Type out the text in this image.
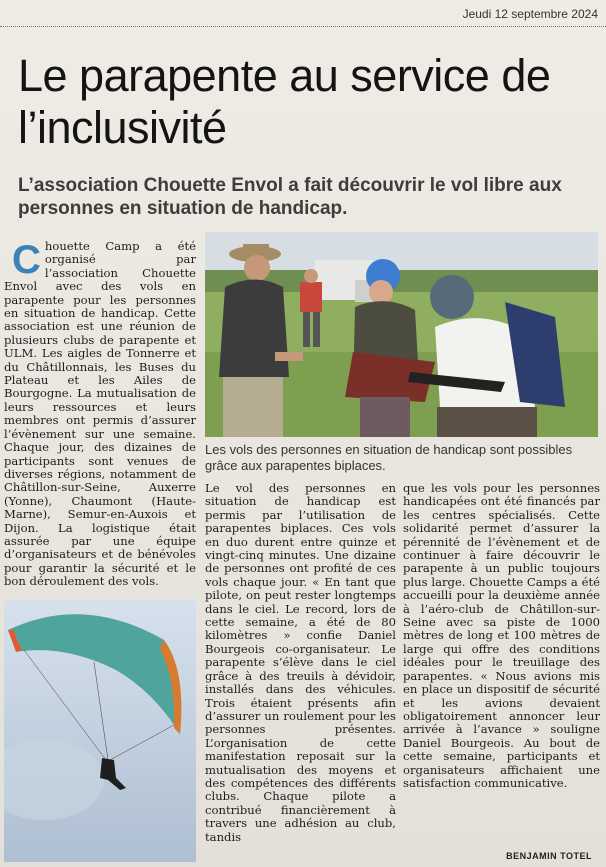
Jeudi 12 septembre 2024
Le parapente au service de l’inclusivité
L’association Chouette Envol a fait découvrir le vol libre aux personnes en situation de handicap.

Les vols des personnes en situation de handicap sont possibles grâce aux parapentes biplaces.

C houette Camp a été organisé par l’association Chouette Envol avec des vols en parapente pour les personnes en situation de handicap. Cette association est une réunion de plusieurs clubs de parapente et ULM. Les aigles de Tonnerre et du Châtillonnais, les Buses du Plateau et les Ailes de Bourgogne. La mutualisation de leurs ressources et leurs membres ont permis d’assurer l’évènement sur une semaine. Chaque jour, des dizaines de participants sont venues de diverses régions, notamment de Châtillon-sur-Seine, Auxerre (Yonne), Chaumont (Haute-Marne), Semur-en-Auxois et Dijon. La logistique était assurée par une équipe d’organisateurs et de bénévoles pour garantir la sécurité et le bon déroulement des vols.
Le vol des personnes en situation de handicap est permis par l’utilisation de parapentes biplaces. Ces vols en duo durent entre quinze et vingt-cinq minutes. Une dizaine de personnes ont profité de ces vols chaque jour. « En tant que pilote, on peut rester longtemps dans le ciel. Le record, lors de cette semaine, a été de 80 kilomètres » confie Daniel Bourgeois co-organisateur. Le parapente s’élève dans le ciel grâce à des treuils à dévidoir, installés dans des véhicules. Trois étaient présents afin d’assurer un roulement pour les personnes présentes. L’organisation de cette manifestation reposait sur la mutualisation des moyens et des compétences des différents clubs. Chaque pilote a contribué financièrement à travers une adhésion au club, tandis
que les vols pour les personnes handicapées ont été financés par les centres spécialisés. Cette solidarité permet d’assurer la pérennité de l’évènement et de continuer à faire découvrir le parapente à un public toujours plus large. Chouette Camps a été accueilli pour la deuxième année à l’aéro-club de Châtillon-sur-Seine avec sa piste de 1000 mètres de long et 100 mètres de large qui offre des conditions idéales pour le treuillage des parapentes. « Nous avions mis en place un dispositif de sécurité et les avions devaient obligatoirement annoncer leur arrivée à l’avance » souligne Daniel Bourgeois. Au bout de cette semaine, participants et organisateurs affichaient une satisfaction communicative.
BENJAMIN TOTEL
